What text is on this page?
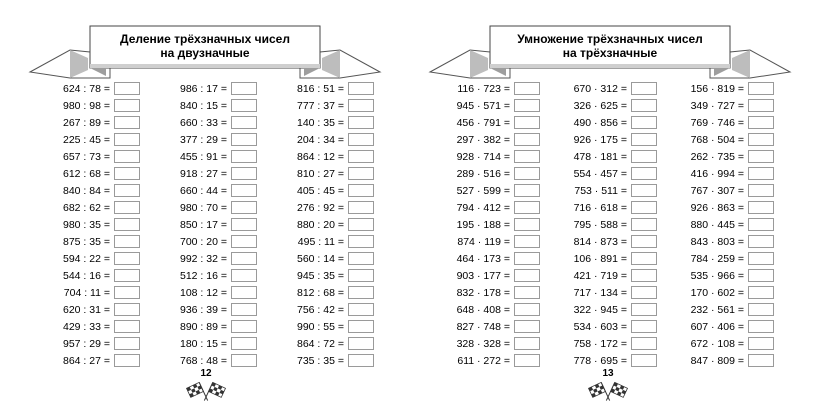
Деление трёхзначных чисел
на двузначные
624 : 78 =
980 : 98 =
267 : 89 =
225 : 45 =
657 : 73 =
612 : 68 =
840 : 84 =
682 : 62 =
980 : 35 =
875 : 35 =
594 : 22 =
544 : 16 =
704 : 11 =
620 : 31 =
429 : 33 =
957 : 29 =
864 : 27 =
986 : 17 =
840 : 15 =
660 : 33 =
377 : 29 =
455 : 91 =
918 : 27 =
660 : 44 =
980 : 70 =
850 : 17 =
700 : 20 =
992 : 32 =
512 : 16 =
108 : 12 =
936 : 39 =
890 : 89 =
180 : 15 =
768 : 48 =
816 : 51 =
777 : 37 =
140 : 35 =
204 : 34 =
864 : 12 =
810 : 27 =
405 : 45 =
276 : 92 =
880 : 20 =
495 : 11 =
560 : 14 =
945 : 35 =
812 : 68 =
756 : 42 =
990 : 55 =
864 : 72 =
735 : 35 =
12
Умножение трёхзначных чисел
на трёхзначные
116 · 723 =
945 · 571 =
456 · 791 =
297 · 382 =
928 · 714 =
289 · 516 =
527 · 599 =
794 · 412 =
195 · 188 =
874 · 119 =
464 · 173 =
903 · 177 =
832 · 178 =
648 · 408 =
827 · 748 =
328 · 328 =
611 · 272 =
670 · 312 =
326 · 625 =
490 · 856 =
926 · 175 =
478 · 181 =
554 · 457 =
753 · 511 =
716 · 618 =
795 · 588 =
814 · 873 =
106 · 891 =
421 · 719 =
717 · 134 =
322 · 945 =
534 · 603 =
758 · 172 =
778 · 695 =
156 · 819 =
349 · 727 =
769 · 746 =
768 · 504 =
262 · 735 =
416 · 994 =
767 · 307 =
926 · 863 =
880 · 445 =
843 · 803 =
784 · 259 =
535 · 966 =
170 · 602 =
232 · 561 =
607 · 406 =
672 · 108 =
847 · 809 =
13
